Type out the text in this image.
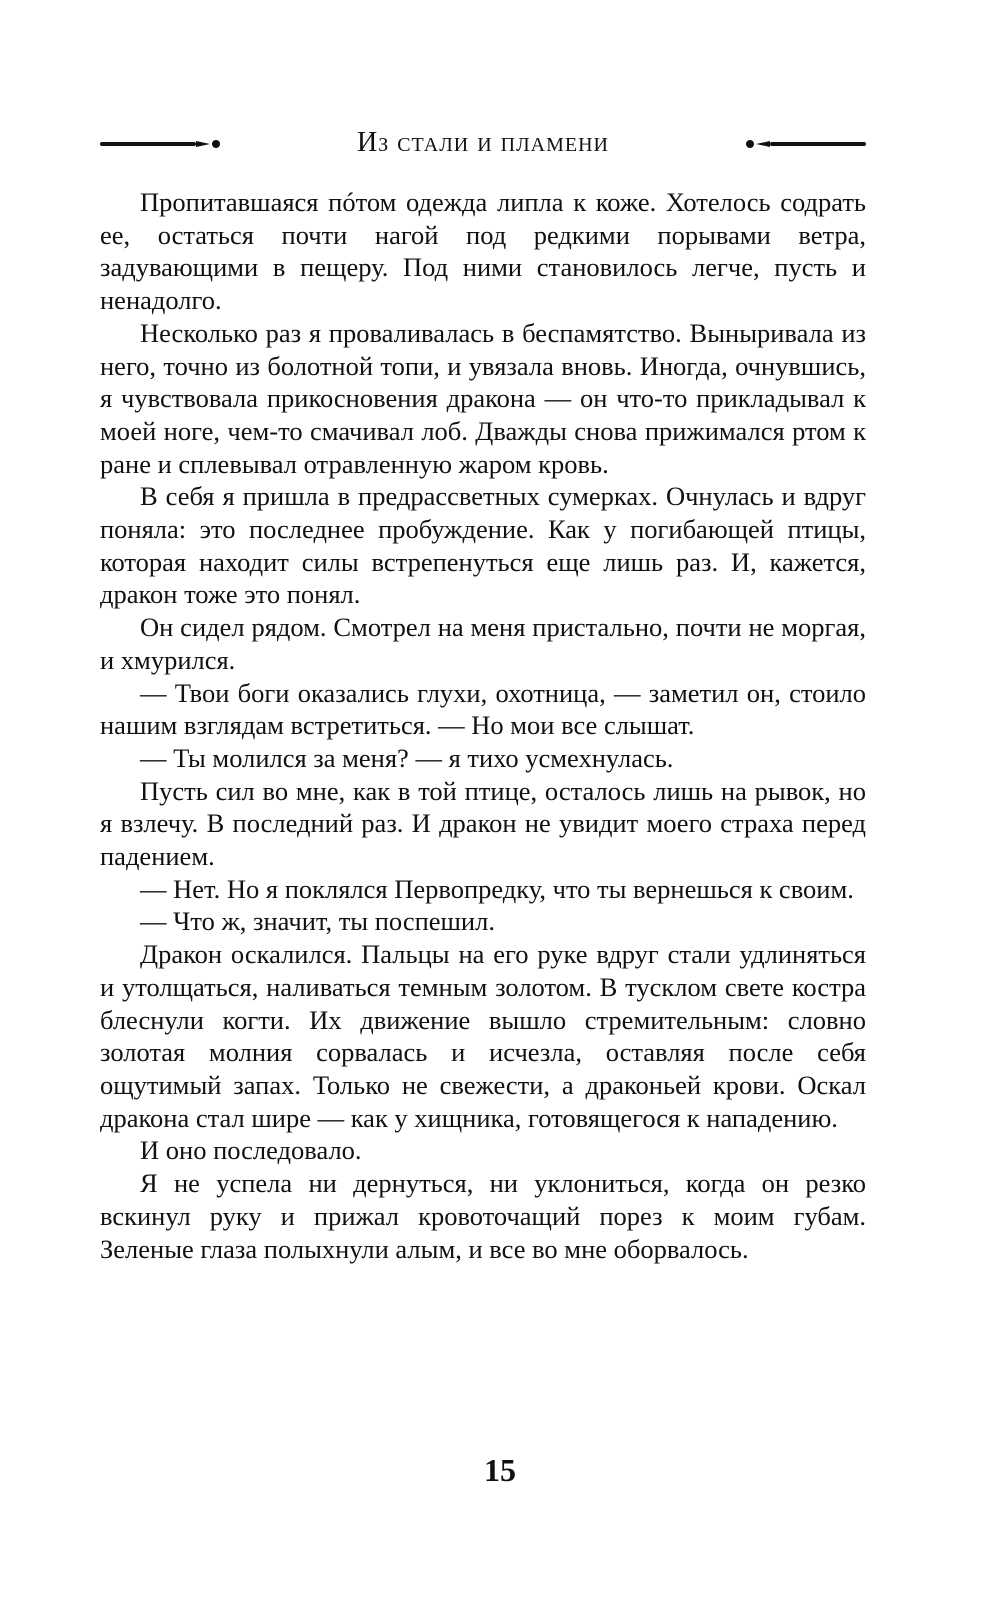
Из стали и пламени

Пропитавшаяся пóтом одежда липла к коже. Хотелось содрать ее, остаться почти нагой под редкими порывами ветра, задувающими в пещеру. Под ними становилось легче, пусть и ненадолго.

Несколько раз я проваливалась в беспамятство. Выныривала из него, точно из болотной топи, и увязала вновь. Иногда, очнувшись, я чувствовала прикосновения дракона — он что-то прикладывал к моей ноге, чем-то смачивал лоб. Дважды снова прижимался ртом к ране и сплевывал отравленную жаром кровь.

В себя я пришла в предрассветных сумерках. Очнулась и вдруг поняла: это последнее пробуждение. Как у погибающей птицы, которая находит силы встрепенуться еще лишь раз. И, кажется, дракон тоже это понял.

Он сидел рядом. Смотрел на меня пристально, почти не моргая, и хмурился.

— Твои боги оказались глухи, охотница, — заметил он, стоило нашим взглядам встретиться. — Но мои все слышат.

— Ты молился за меня? — я тихо усмехнулась.

Пусть сил во мне, как в той птице, осталось лишь на рывок, но я взлечу. В последний раз. И дракон не увидит моего страха перед падением.

— Нет. Но я поклялся Первопредку, что ты вернешься к своим.

— Что ж, значит, ты поспешил.

Дракон оскалился. Пальцы на его руке вдруг стали удлиняться и утолщаться, наливаться темным золотом. В тусклом свете костра блеснули когти. Их движение вышло стремительным: словно золотая молния сорвалась и исчезла, оставляя после себя ощутимый запах. Только не свежести, а драконьей крови. Оскал дракона стал шире — как у хищника, готовящегося к нападению.

И оно последовало.

Я не успела ни дернуться, ни уклониться, когда он резко вскинул руку и прижал кровоточащий порез к моим губам. Зеленые глаза полыхнули алым, и все во мне оборвалось.

15
